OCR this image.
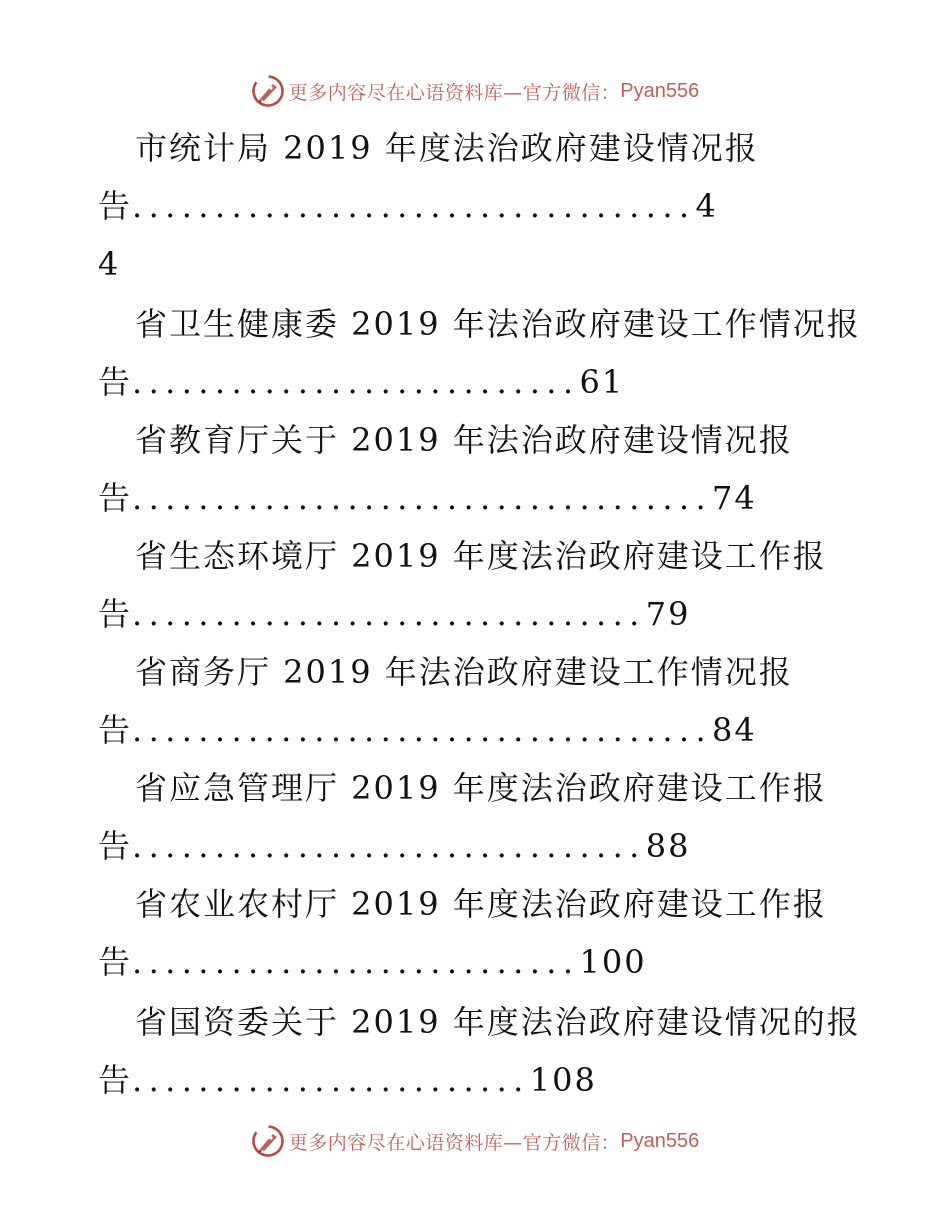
更多内容尽在心语资料库—官方微信： Pyan556
市统计局 2019 年度法治政府建设情况报
告..................................4
4
省卫生健康委 2019 年法治政府建设工作情况报
告...........................61
省教育厅关于 2019 年法治政府建设情况报
告...................................74
省生态环境厅 2019 年度法治政府建设工作报
告...............................79
省商务厅 2019 年法治政府建设工作情况报
告...................................84
省应急管理厅 2019 年度法治政府建设工作报
告...............................88
省农业农村厅 2019 年度法治政府建设工作报
告...........................100
省国资委关于 2019 年度法治政府建设情况的报
告........................108
更多内容尽在心语资料库—官方微信： Pyan556
